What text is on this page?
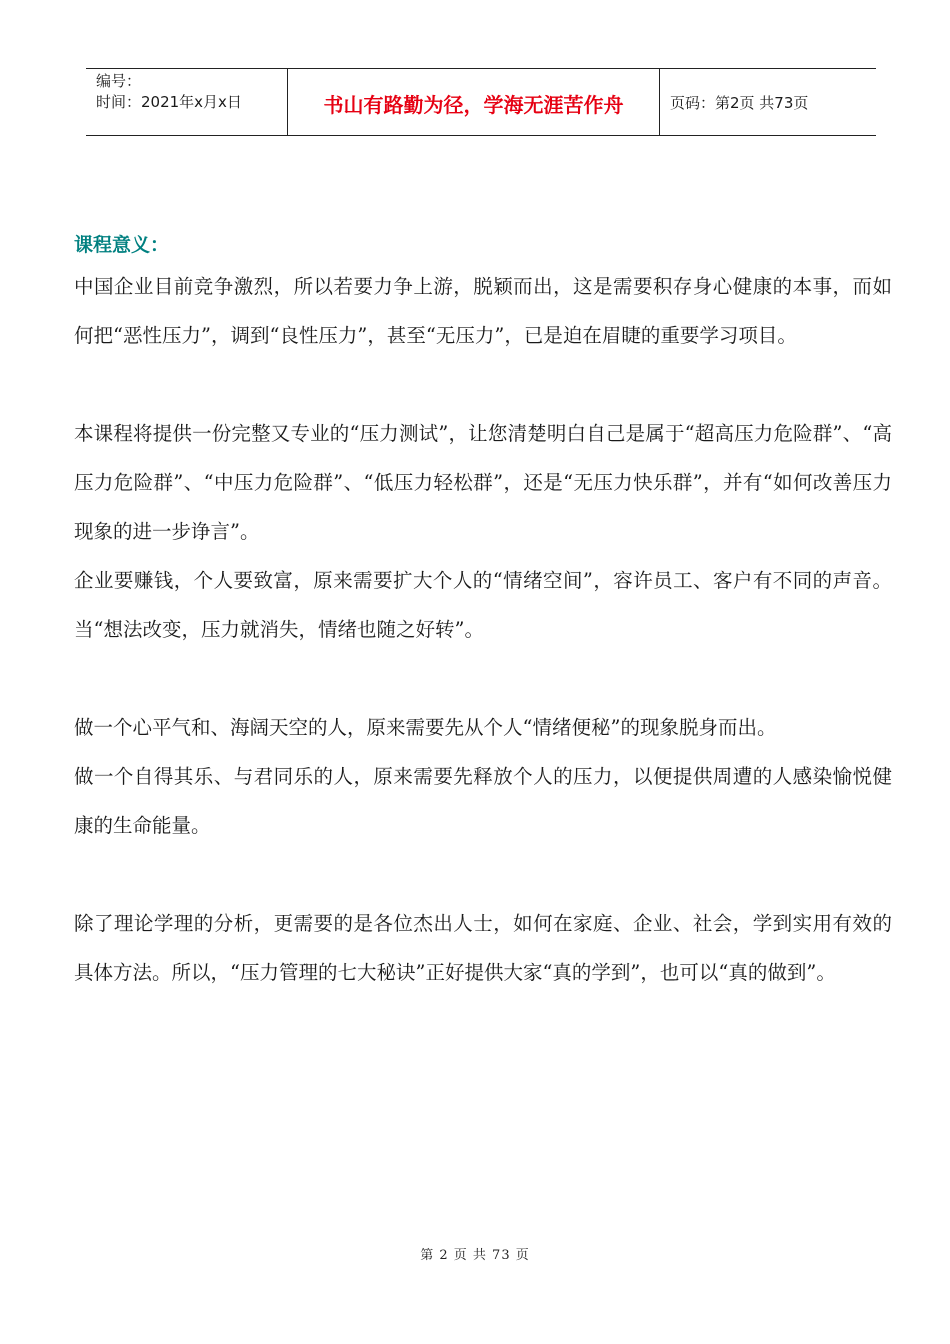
编号：
时间：2021年x月x日	书山有路勤为径，学海无涯苦作舟	页码：第2页 共73页
课程意义：

中国企业目前竞争激烈，所以若要力争上游，脱颖而出，这是需要积存身心健康的本事，而如何把“恶性压力”，调到“良性压力”，甚至“无压力”，已是迫在眉睫的重要学习项目。

本课程将提供一份完整又专业的“压力测试”，让您清楚明白自己是属于“超高压力危险群”、“高压力危险群”、“中压力危险群”、“低压力轻松群”，还是“无压力快乐群”，并有“如何改善压力现象的进一步诤言”。

企业要赚钱，个人要致富，原来需要扩大个人的“情绪空间”，容许员工、客户有不同的声音。当“想法改变，压力就消失，情绪也随之好转”。

做一个心平气和、海阔天空的人，原来需要先从个人“情绪便秘”的现象脱身而出。

做一个自得其乐、与君同乐的人，原来需要先释放个人的压力，以便提供周遭的人感染愉悦健康的生命能量。

除了理论学理的分析，更需要的是各位杰出人士，如何在家庭、企业、社会，学到实用有效的具体方法。所以，“压力管理的七大秘诀”正好提供大家“真的学到”，也可以“真的做到”。

第 2 页 共 73 页
